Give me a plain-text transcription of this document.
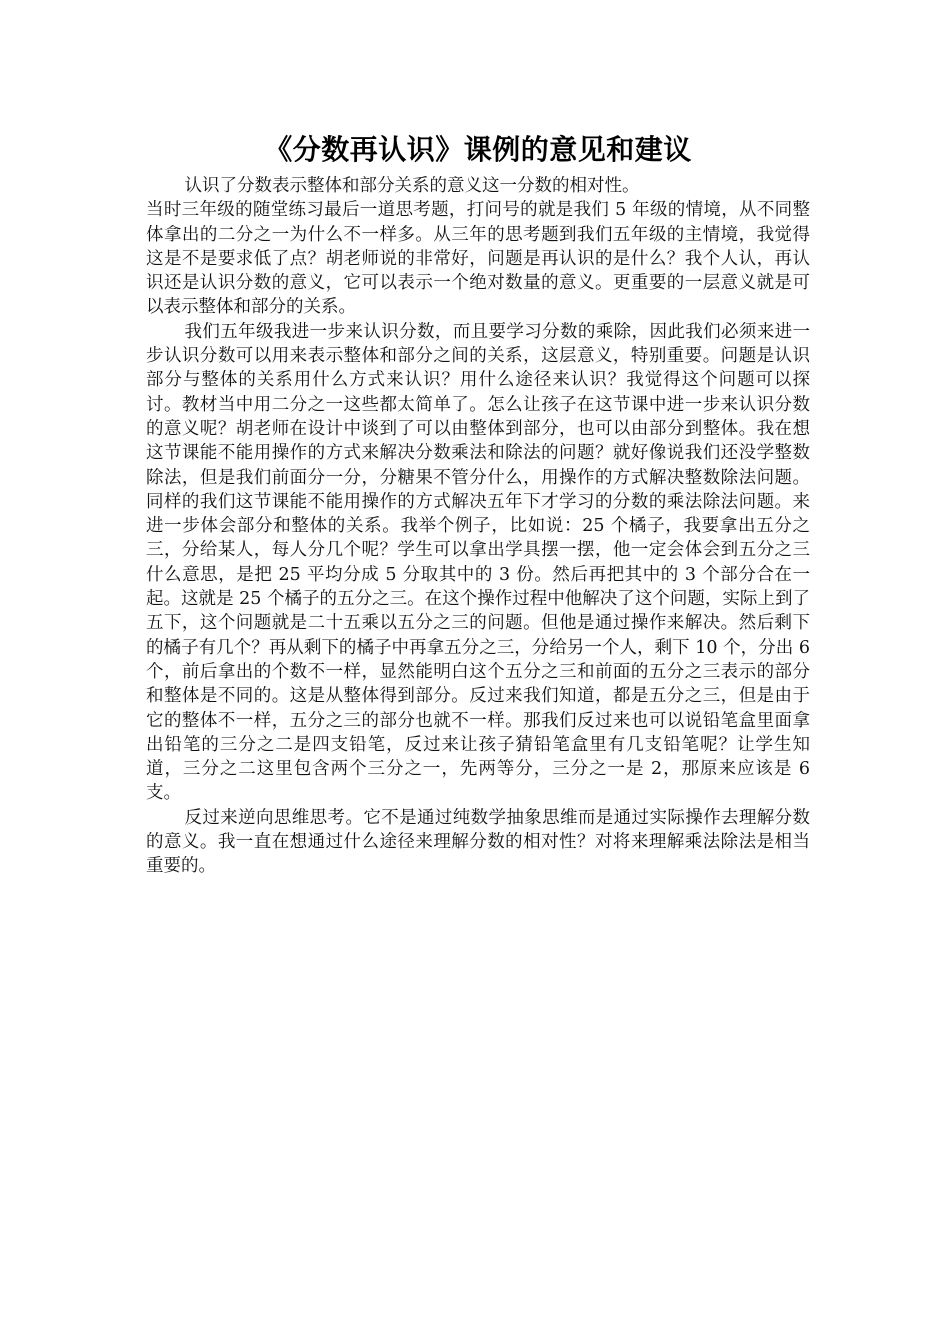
《分数再认识》课例的意见和建议

认识了分数表示整体和部分关系的意义这一分数的相对性。

当时三年级的随堂练习最后一道思考题，打问号的就是我们 5 年级的情境，从不同整体拿出的二分之一为什么不一样多。从三年的思考题到我们五年级的主情境，我觉得这是不是要求低了点？胡老师说的非常好，问题是再认识的是什么？我个人认，再认识还是认识分数的意义，它可以表示一个绝对数量的意义。更重要的一层意义就是可以表示整体和部分的关系。

我们五年级我进一步来认识分数，而且要学习分数的乘除，因此我们必须来进一步认识分数可以用来表示整体和部分之间的关系，这层意义，特别重要。问题是认识部分与整体的关系用什么方式来认识？用什么途径来认识？我觉得这个问题可以探讨。教材当中用二分之一这些都太简单了。怎么让孩子在这节课中进一步来认识分数的意义呢？胡老师在设计中谈到了可以由整体到部分，也可以由部分到整体。我在想这节课能不能用操作的方式来解决分数乘法和除法的问题？就好像说我们还没学整数除法，但是我们前面分一分，分糖果不管分什么，用操作的方式解决整数除法问题。同样的我们这节课能不能用操作的方式解决五年下才学习的分数的乘法除法问题。来进一步体会部分和整体的关系。我举个例子，比如说：25 个橘子，我要拿出五分之三，分给某人，每人分几个呢？学生可以拿出学具摆一摆，他一定会体会到五分之三什么意思，是把 25 平均分成 5 分取其中的 3 份。然后再把其中的 3 个部分合在一起。这就是 25 个橘子的五分之三。在这个操作过程中他解决了这个问题，实际上到了五下，这个问题就是二十五乘以五分之三的问题。但他是通过操作来解决。然后剩下的橘子有几个？再从剩下的橘子中再拿五分之三，分给另一个人，剩下 10 个，分出 6 个，前后拿出的个数不一样，显然能明白这个五分之三和前面的五分之三表示的部分和整体是不同的。这是从整体得到部分。反过来我们知道，都是五分之三，但是由于它的整体不一样，五分之三的部分也就不一样。那我们反过来也可以说铅笔盒里面拿出铅笔的三分之二是四支铅笔，反过来让孩子猜铅笔盒里有几支铅笔呢？让学生知道，三分之二这里包含两个三分之一，先两等分，三分之一是 2，那原来应该是 6 支。

反过来逆向思维思考。它不是通过纯数学抽象思维而是通过实际操作去理解分数的意义。我一直在想通过什么途径来理解分数的相对性？对将来理解乘法除法是相当重要的。
